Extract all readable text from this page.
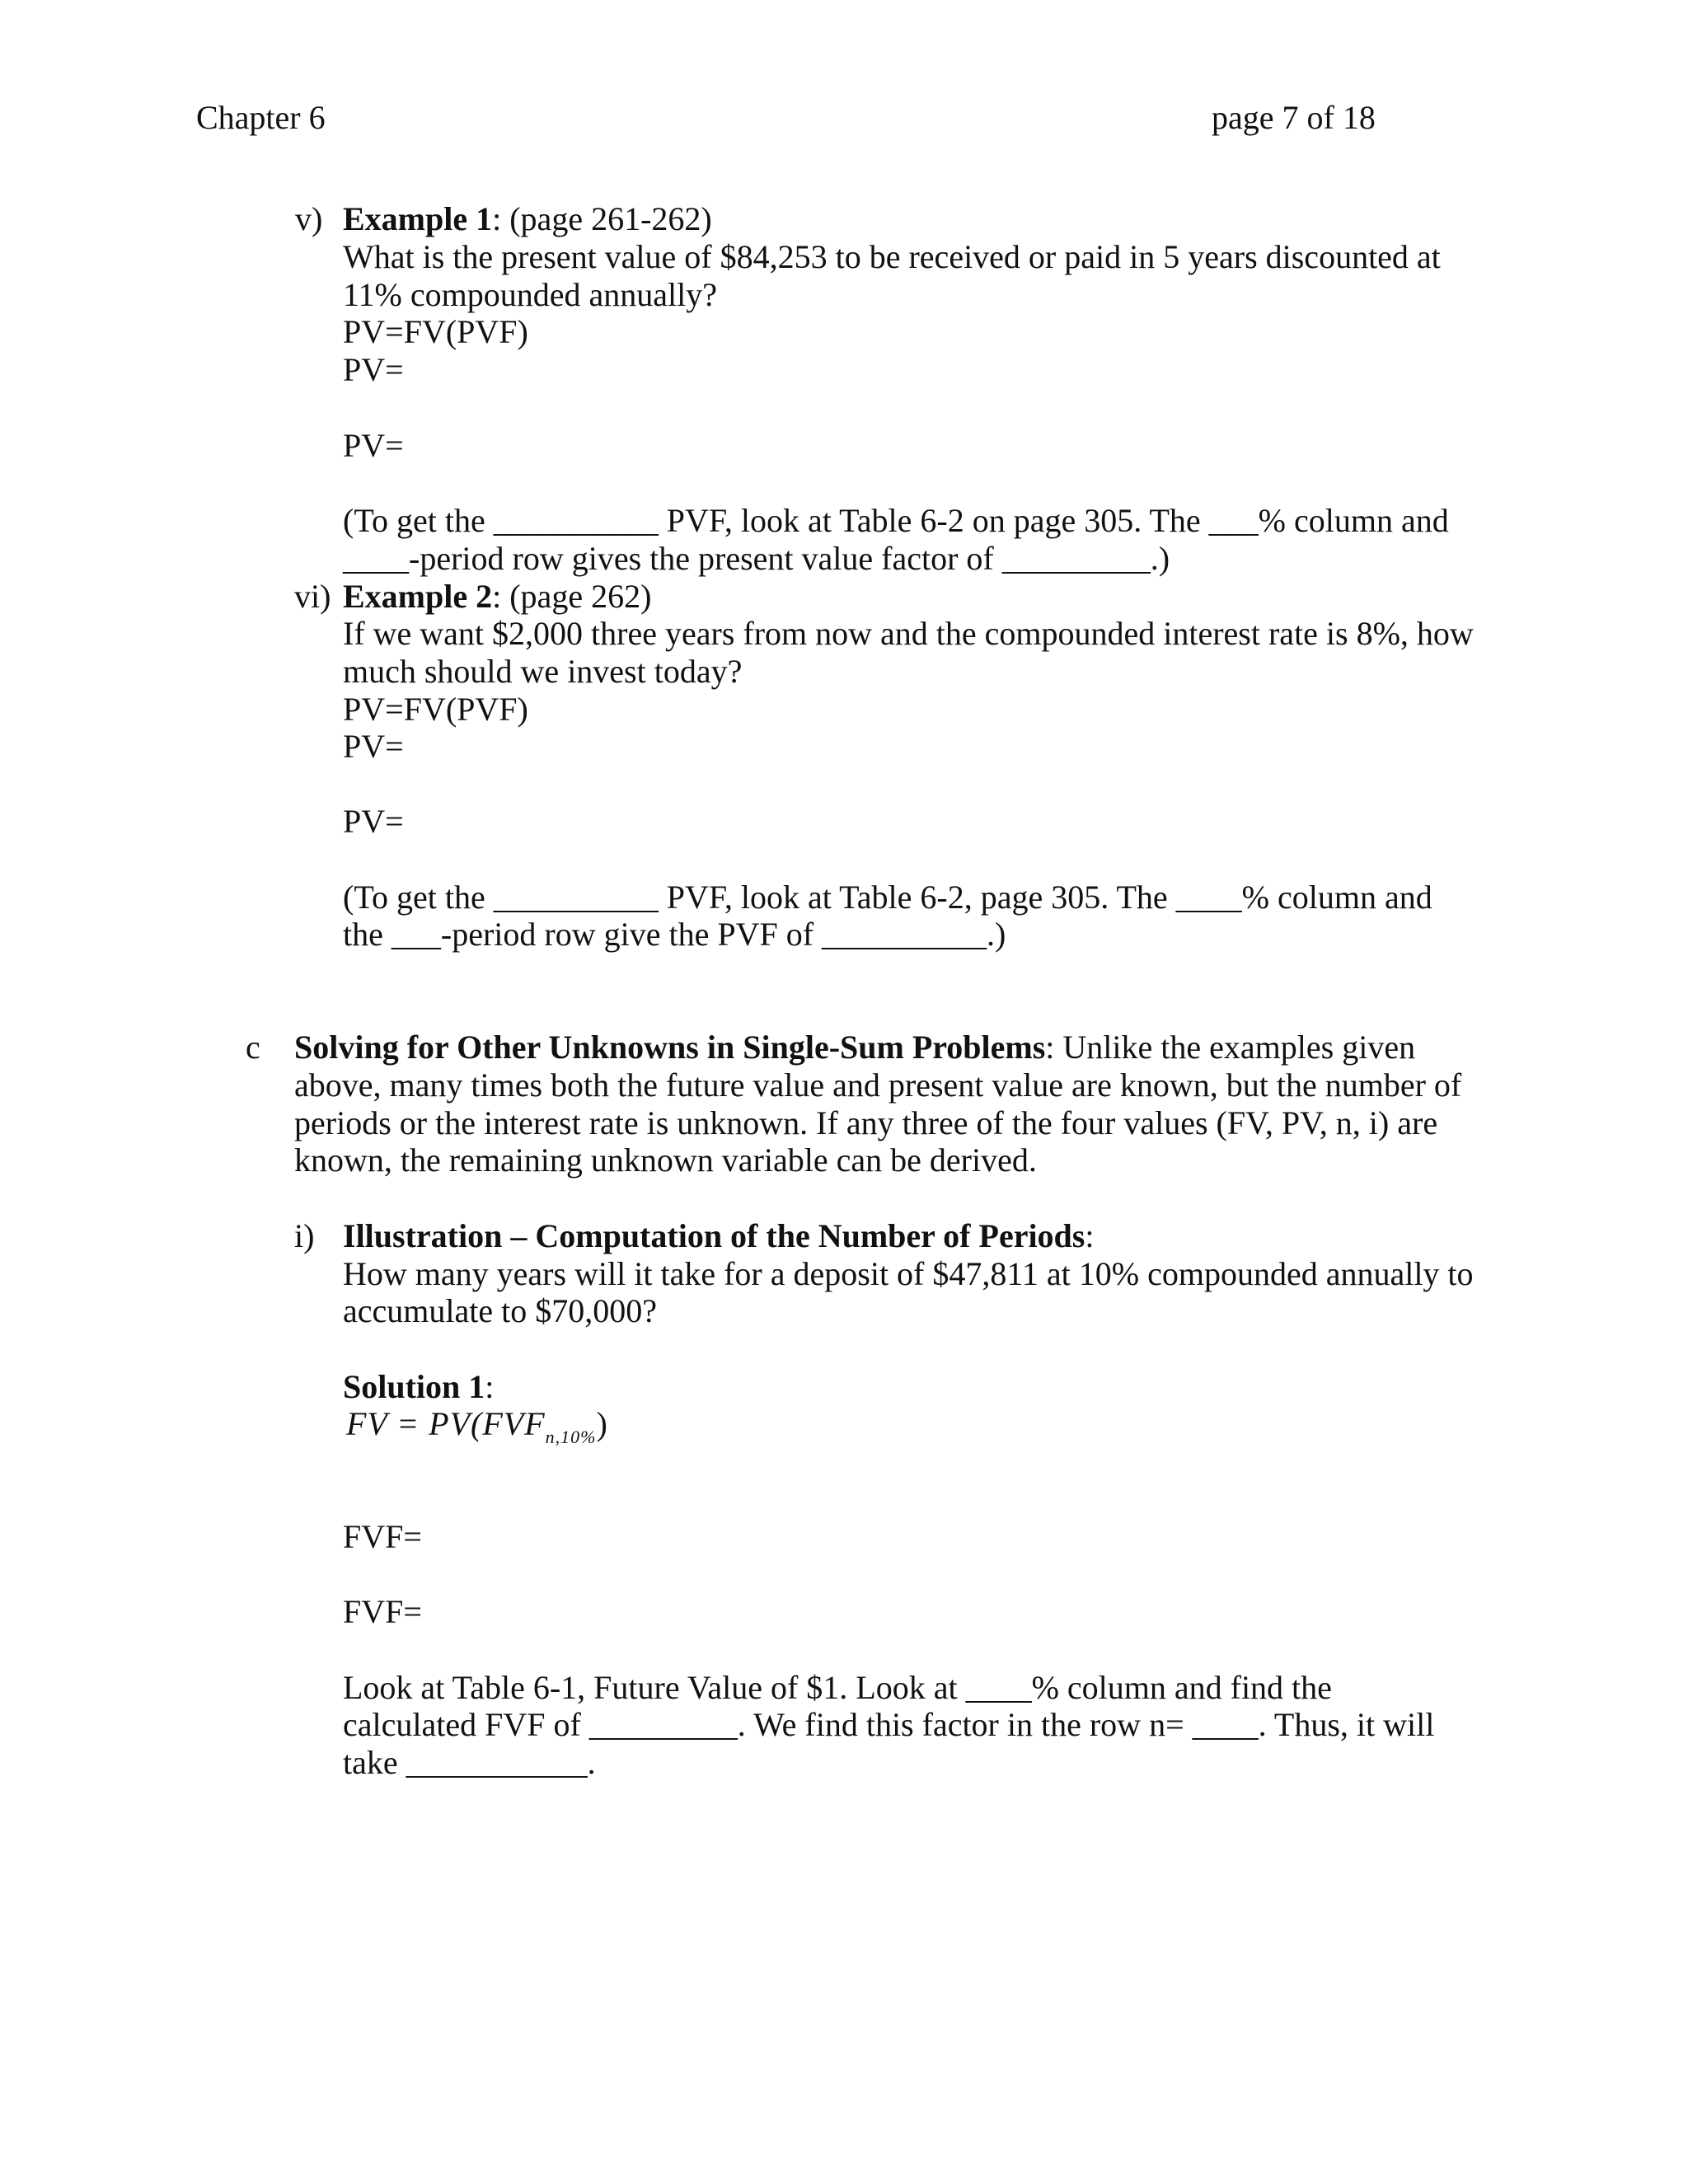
Chapter 6	page 7 of 18
v) Example 1: (page 261-262)
What is the present value of $84,253 to be received or paid in 5 years discounted at
11% compounded annually?
PV=FV(PVF)
PV=
PV=
(To get the __________ PVF, look at Table 6-2 on page 305. The ___% column and
____-period row gives the present value factor of _________.)
vi) Example 2: (page 262)
If we want $2,000 three years from now and the compounded interest rate is 8%, how
much should we invest today?
PV=FV(PVF)
PV=
PV=
(To get the __________ PVF, look at Table 6-2, page 305. The ____% column and
the ___-period row give the PVF of __________.)
c Solving for Other Unknowns in Single-Sum Problems: Unlike the examples given
above, many times both the future value and present value are known, but the number of
periods or the interest rate is unknown. If any three of the four values (FV, PV, n, i) are
known, the remaining unknown variable can be derived.
i) Illustration – Computation of the Number of Periods:
How many years will it take for a deposit of $47,811 at 10% compounded annually to
accumulate to $70,000?
Solution 1:
FV = $PV(FVF_{n,10\%})$
FVF=
FVF=
Look at Table 6-1, Future Value of $1. Look at ____% column and find the
calculated FVF of _________. We find this factor in the row n= ____. Thus, it will
take ___________.
